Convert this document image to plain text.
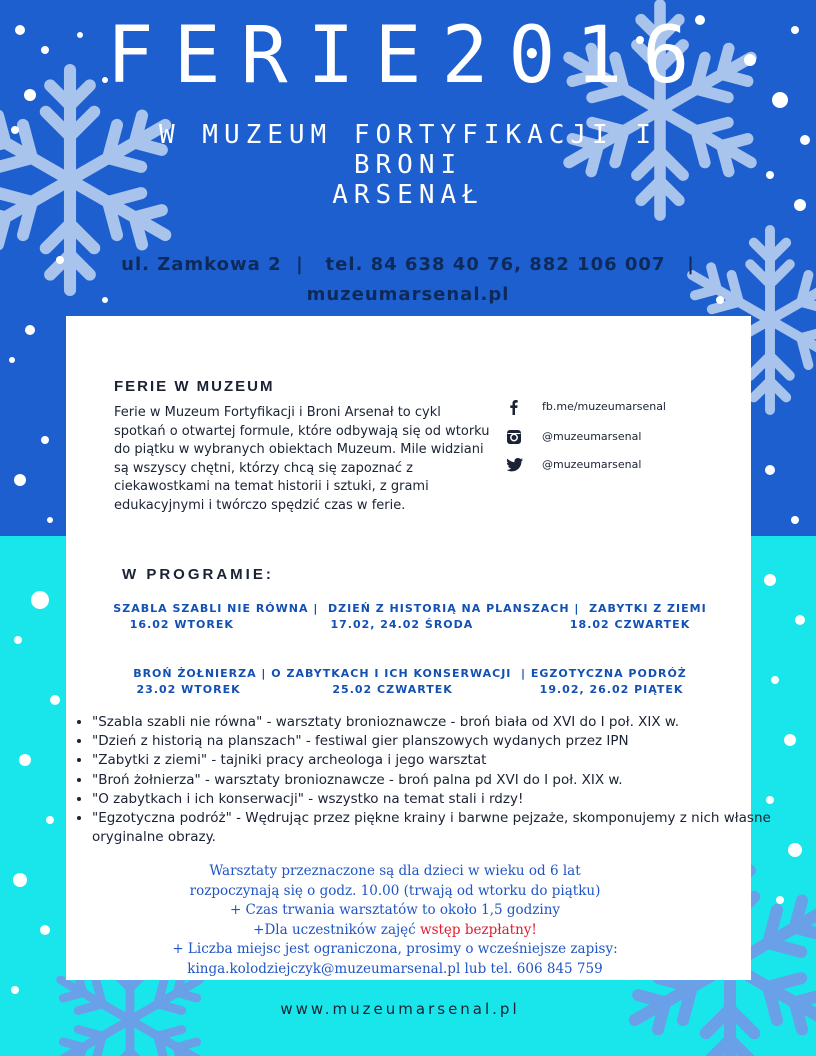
FERIE2016
W MUZEUM FORTYFIKACJI I
BRONI
ARSENAŁ
ul. Zamkowa 2  |   tel. 84 638 40 76, 882 106 007   |
muzeumarsenal.pl
FERIE W MUZEUM
Ferie w Muzeum Fortyfikacji i Broni Arsenał to cykl spotkań o otwartej formule, które odbywają się od wtorku do piątku w wybranych obiektach Muzeum. Mile widziani są wszyscy chętni, którzy chcą się zapoznać z ciekawostkami na temat historii i sztuki, z grami edukacyjnymi i twórczo spędzić czas w ferie.
fb.me/muzeumarsenal
@muzeumarsenal
@muzeumarsenal
W PROGRAMIE:
SZABLA SZABLI NIE RÓWNA |  DZIEŃ Z HISTORIĄ NA PLANSZACH |  ZABYTKI Z ZIEMI
16.02 WTOREK                    17.02, 24.02 ŚRODA                    18.02 CZWARTEK
BROŃ ŻOŁNIERZA | O ZABYTKACH I ICH KONSERWACJI  | EGZOTYCZNA PODRÓŻ
23.02 WTOREK                   25.02 CZWARTEK                  19.02, 26.02 PIĄTEK
• "Szabla szabli nie równa" - warsztaty bronioznawcze - broń biała od XVI do I poł. XIX w.
• "Dzień z historią na planszach" - festiwal gier planszowych wydanych przez IPN
• "Zabytki z ziemi" - tajniki pracy archeologa i jego warsztat
• "Broń żołnierza" - warsztaty bronioznawcze - broń palna pd XVI do I poł. XIX w.
• "O zabytkach i ich konserwacji" - wszystko na temat stali i rdzy!
• "Egzotyczna podróż" - Wędrując przez piękne krainy i barwne pejzaże, skomponujemy z nich własne oryginalne obrazy.
Warsztaty przeznaczone są dla dzieci w wieku od 6 lat
rozpoczynają się o godz. 10.00 (trwają od wtorku do piątku)
+ Czas trwania warsztatów to około 1,5 godziny
+Dla uczestników zajęć wstęp bezpłatny!
+ Liczba miejsc jest ograniczona, prosimy o wcześniejsze zapisy:
kinga.kolodziejczyk@muzeumarsenal.pl lub tel. 606 845 759
www.muzeumarsenal.pl
